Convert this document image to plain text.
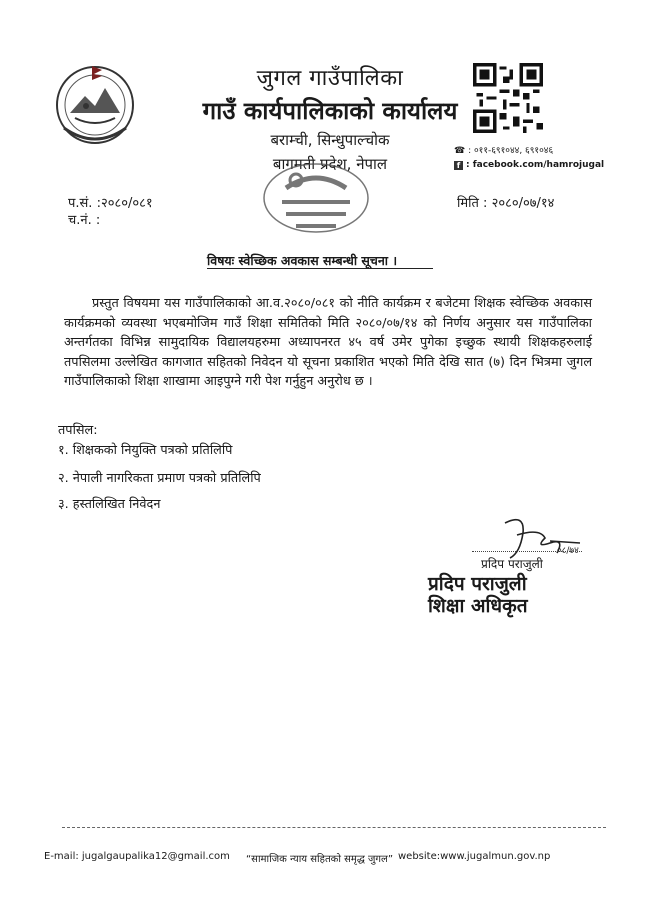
जुगल गाउँपालिका
गाउँ कार्यपालिकाको कार्यालय
बराम्ची, सिन्धुपाल्चोक
बागमती प्रदेश, नेपाल
☎ : ०११-६९१०४४, ६९१०४६
f : facebook.com/hamrojugal
प.सं. :२०८०/०८१
च.नं. :
मिति : २०८०/०७/१४
विषयः स्वेच्छिक अवकास सम्बन्धी सूचना ।
प्रस्तुत विषयमा यस गाउँपालिकाको आ.व.२०८०/०८१ को नीति कार्यक्रम र बजेटमा शिक्षक स्वेच्छिक अवकास कार्यक्रमको व्यवस्था भएबमोजिम गाउँ शिक्षा समितिको मिति २०८०/०७/१४ को निर्णय अनुसार यस गाउँपालिका अन्तर्गतका विभिन्न सामुदायिक विद्यालयहरुमा अध्यापनरत ४५ वर्ष उमेर पुगेका इच्छुक स्थायी शिक्षकहरुलाई तपसिलमा उल्लेखित कागजात सहितको निवेदन यो सूचना प्रकाशित भएको मिति देखि सात (७) दिन भित्रमा जुगल गाउँपालिकाको शिक्षा शाखामा आइपुग्ने गरी पेश गर्नुहुन अनुरोध छ ।
तपसिल:
१. शिक्षकको नियुक्ति पत्रको प्रतिलिपि
२. नेपाली नागरिकता प्रमाण पत्रको प्रतिलिपि
३. हस्तलिखित निवेदन
०८/७४
प्रदिप पराजुली
प्रदिप पराजुली
शिक्षा अधिकृत
E-mail: jugalgaupalika12@gmail.com “सामाजिक न्याय सहितको समृद्ध जुगल” website:www.jugalmun.gov.np
